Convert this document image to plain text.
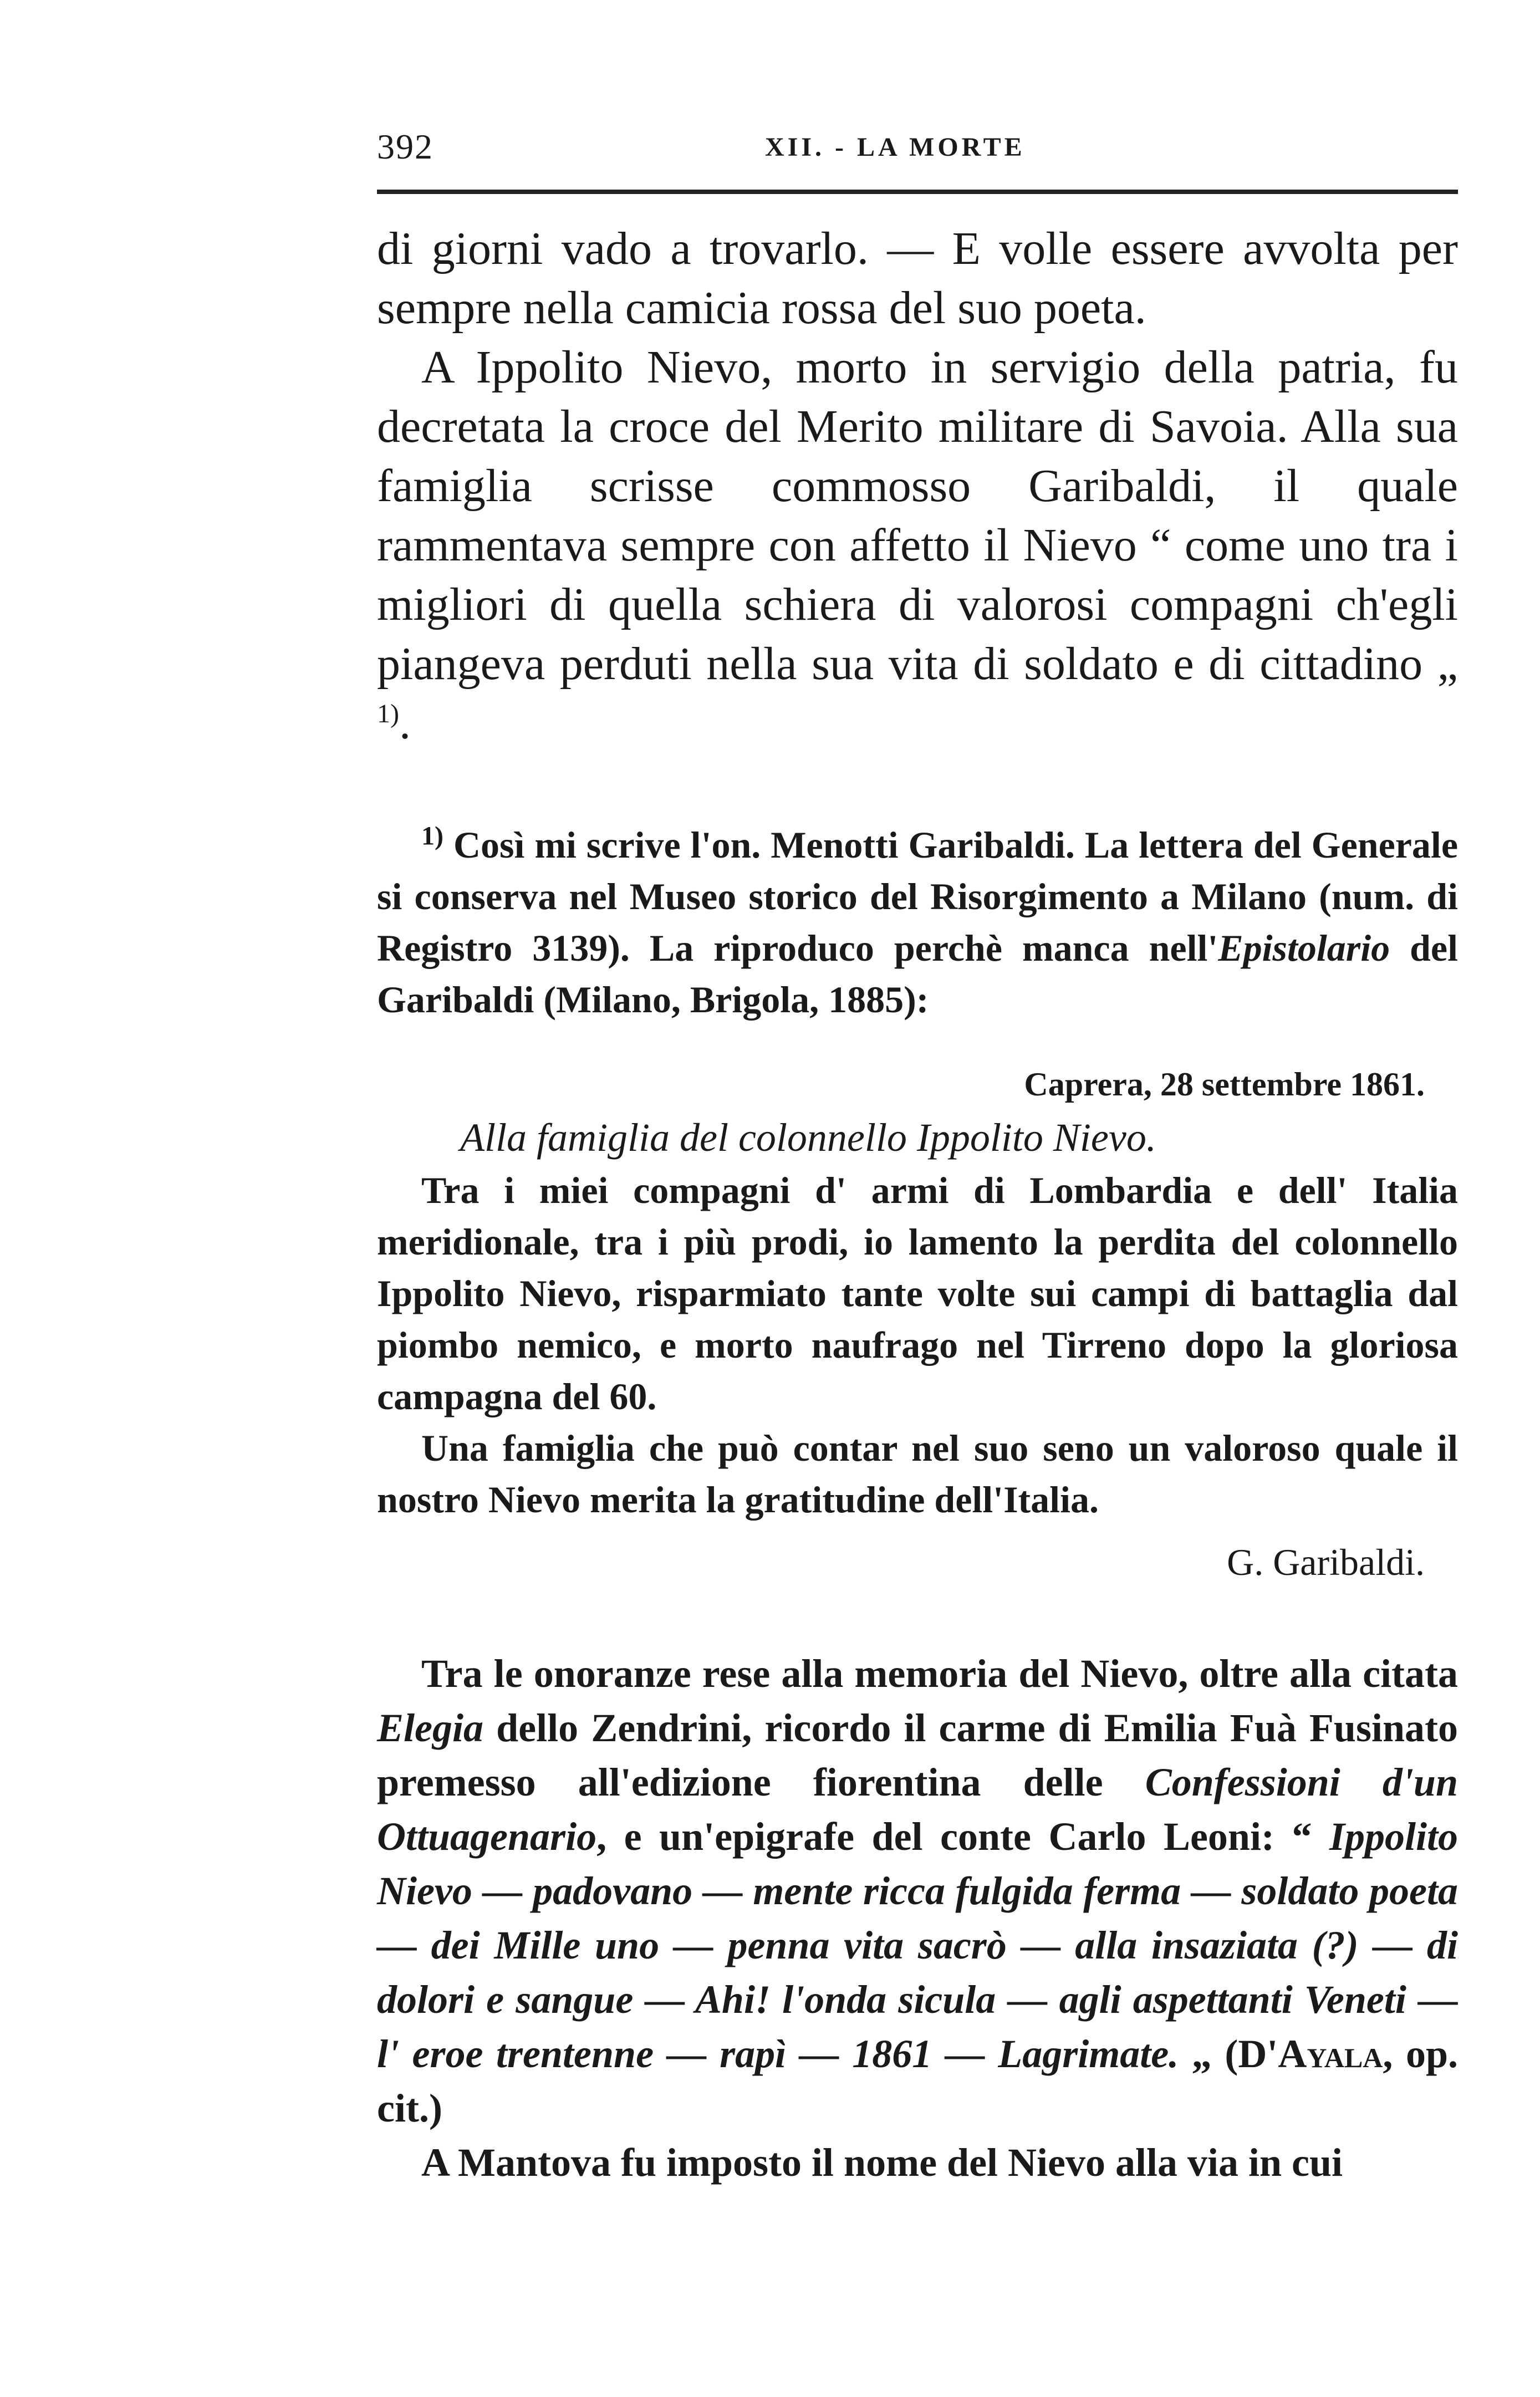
392	XII. - LA MORTE

di giorni vado a trovarlo. — E volle essere avvolta per sempre nella camicia rossa del suo poeta.

A Ippolito Nievo, morto in servigio della patria, fu decretata la croce del Merito militare di Savoia. Alla sua famiglia scrisse commosso Garibaldi, il quale rammentava sempre con affetto il Nievo “ come uno tra i migliori di quella schiera di valorosi compagni ch'egli piangeva perduti nella sua vita di soldato e di cittadino „ $^{1)}$.

$^{1)}$ Così mi scrive l'on. Menotti Garibaldi. La lettera del Generale si conserva nel Museo storico del Risorgimento a Milano (num. di Registro 3139). La riproduco perchè manca nell'Epistolario del Garibaldi (Milano, Brigola, 1885):

Caprera, 28 settembre 1861.
Alla famiglia del colonnello Ippolito Nievo.

Tra i miei compagni d' armi di Lombardia e dell' Italia meridionale, tra i più prodi, io lamento la perdita del colonnello Ippolito Nievo, risparmiato tante volte sui campi di battaglia dal piombo nemico, e morto naufrago nel Tirreno dopo la gloriosa campagna del 60.

Una famiglia che può contar nel suo seno un valoroso quale il nostro Nievo merita la gratitudine dell'Italia.

G. Garibaldi.

Tra le onoranze rese alla memoria del Nievo, oltre alla citata Elegia dello Zendrini, ricordo il carme di Emilia Fuà Fusinato premesso all'edizione fiorentina delle Confessioni d'un Ottuagenario, e un'epigrafe del conte Carlo Leoni: “ Ippolito Nievo — padovano — mente ricca fulgida ferma — soldato poeta — dei Mille uno — penna vita sacrò — alla insaziata (?) — di dolori e sangue — Ahi! l'onda sicula — agli aspettanti Veneti — l' eroe trentenne — rapì — 1861 — Lagrimate. „ (D'Ayala, op. cit.)

A Mantova fu imposto il nome del Nievo alla via in cui
